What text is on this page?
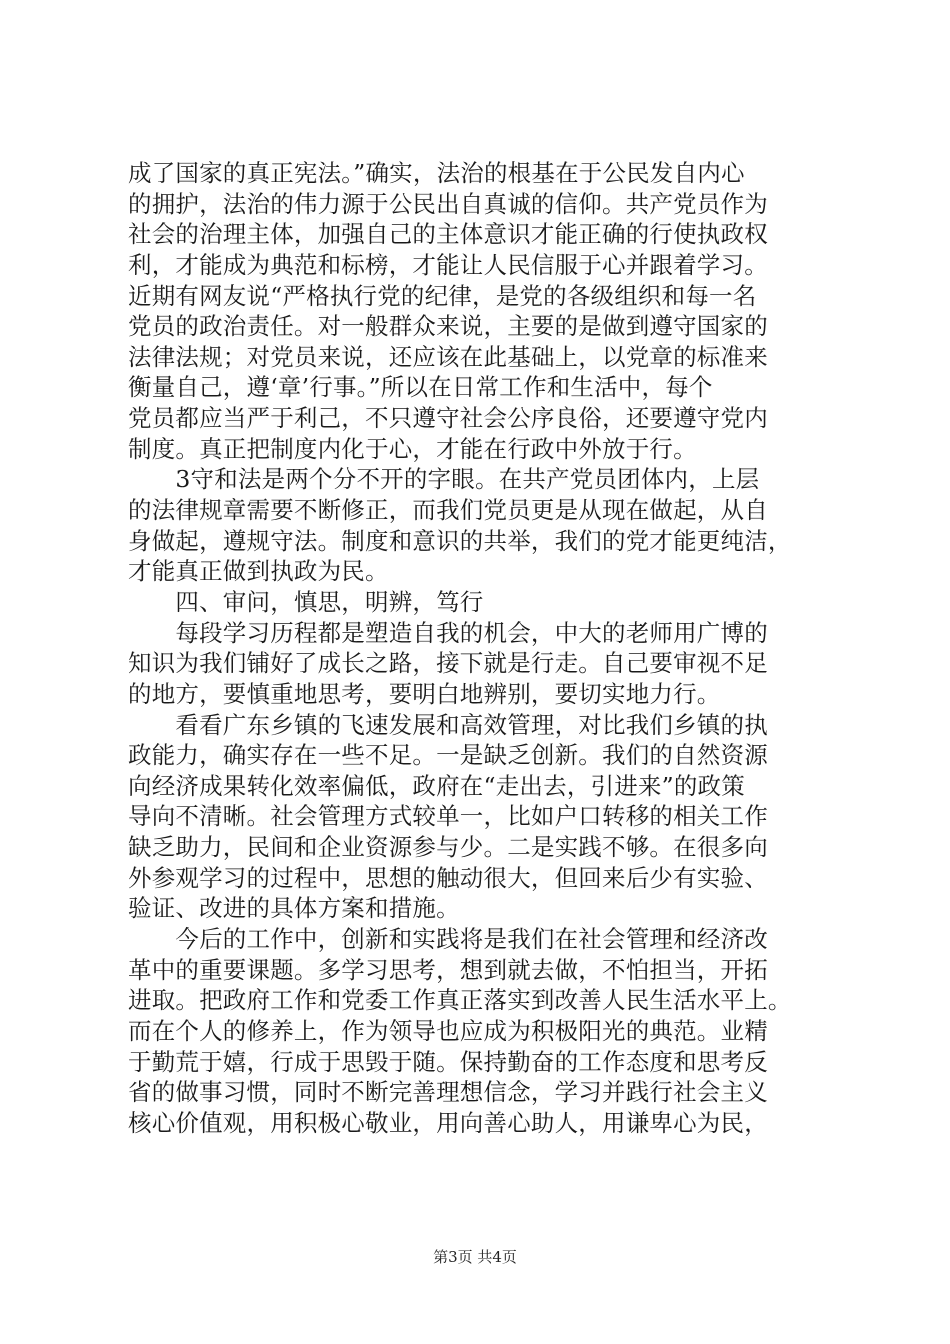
成了国家的真正宪法。”确实，法治的根基在于公民发自内心
的拥护，法治的伟力源于公民出自真诚的信仰。共产党员作为
社会的治理主体，加强自己的主体意识才能正确的行使执政权
利，才能成为典范和标榜，才能让人民信服于心并跟着学习。
近期有网友说“严格执行党的纪律，是党的各级组织和每一名
党员的政治责任。对一般群众来说，主要的是做到遵守国家的
法律法规；对党员来说，还应该在此基础上，以党章的标准来
衡量自己，遵‘章’行事。”所以在日常工作和生活中，每个
党员都应当严于利己，不只遵守社会公序良俗，还要遵守党内
制度。真正把制度内化于心，才能在行政中外放于行。
　　3守和法是两个分不开的字眼。在共产党员团体内，上层
的法律规章需要不断修正，而我们党员更是从现在做起，从自
身做起，遵规守法。制度和意识的共举，我们的党才能更纯洁，
才能真正做到执政为民。
　　四、审问，慎思，明辨，笃行
　　每段学习历程都是塑造自我的机会，中大的老师用广博的
知识为我们铺好了成长之路，接下就是行走。自己要审视不足
的地方，要慎重地思考，要明白地辨别，要切实地力行。
　　看看广东乡镇的飞速发展和高效管理，对比我们乡镇的执
政能力，确实存在一些不足。一是缺乏创新。我们的自然资源
向经济成果转化效率偏低，政府在“走出去，引进来”的政策
导向不清晰。社会管理方式较单一，比如户口转移的相关工作
缺乏助力，民间和企业资源参与少。二是实践不够。在很多向
外参观学习的过程中，思想的触动很大，但回来后少有实验、
验证、改进的具体方案和措施。
　　今后的工作中，创新和实践将是我们在社会管理和经济改
革中的重要课题。多学习思考，想到就去做，不怕担当，开拓
进取。把政府工作和党委工作真正落实到改善人民生活水平上。
而在个人的修养上，作为领导也应成为积极阳光的典范。业精
于勤荒于嬉，行成于思毁于随。保持勤奋的工作态度和思考反
省的做事习惯，同时不断完善理想信念，学习并践行社会主义
核心价值观，用积极心敬业，用向善心助人，用谦卑心为民，
第3页 共4页
